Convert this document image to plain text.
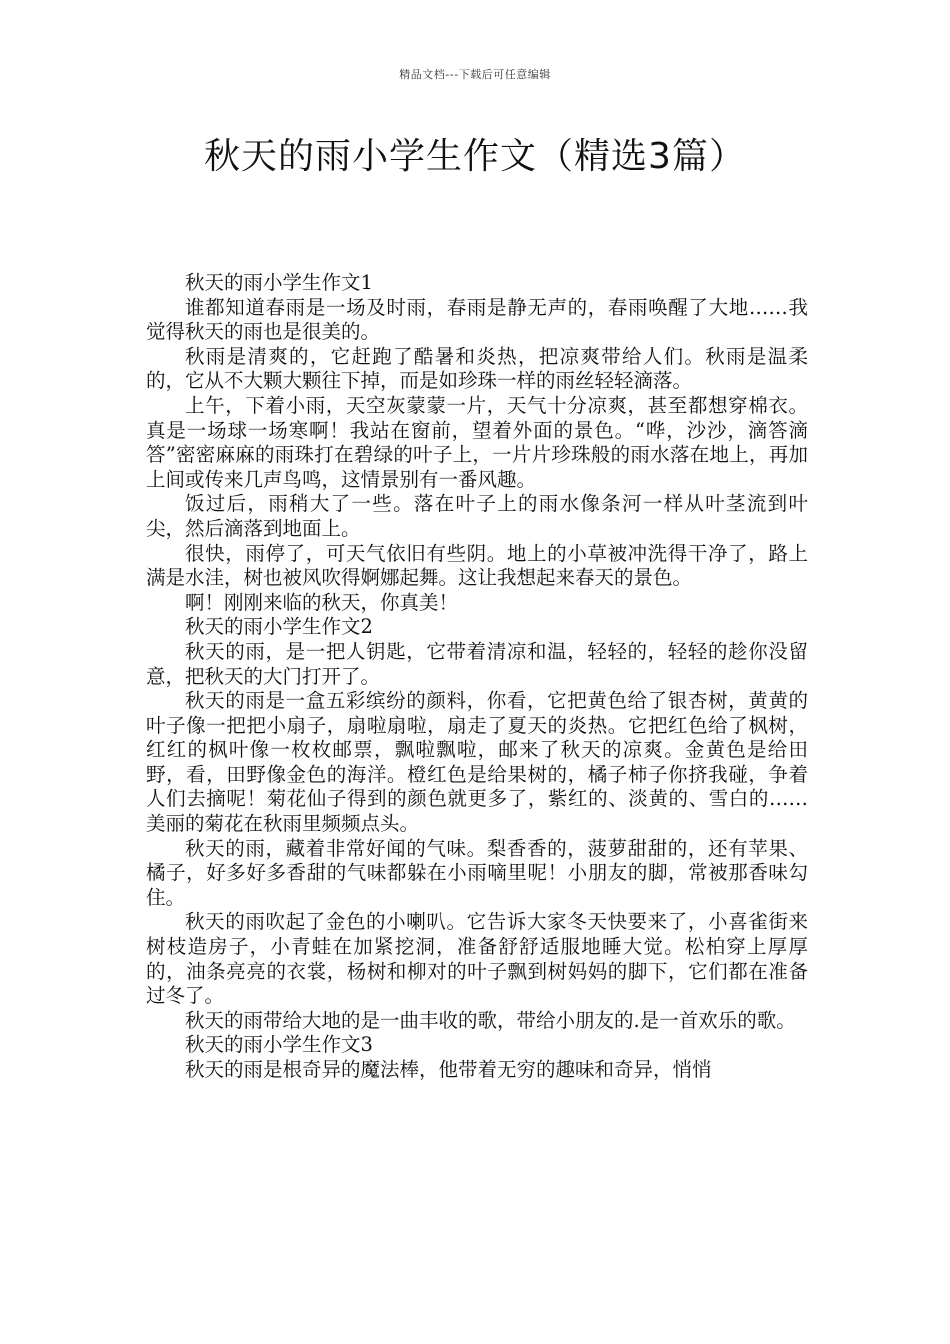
精品文档---下载后可任意编辑
秋天的雨小学生作文（精选3篇）

秋天的雨小学生作文1

谁都知道春雨是一场及时雨，春雨是静无声的，春雨唤醒了大地……我觉得秋天的雨也是很美的。

秋雨是清爽的，它赶跑了酷暑和炎热，把凉爽带给人们。秋雨是温柔的，它从不大颗大颗往下掉，而是如珍珠一样的雨丝轻轻滴落。

上午，下着小雨，天空灰蒙蒙一片，天气十分凉爽，甚至都想穿棉衣。真是一场球一场寒啊！我站在窗前，望着外面的景色。“哗，沙沙，滴答滴答”密密麻麻的雨珠打在碧绿的叶子上，一片片珍珠般的雨水落在地上，再加上间或传来几声鸟鸣，这情景别有一番风趣。

饭过后，雨稍大了一些。落在叶子上的雨水像条河一样从叶茎流到叶尖，然后滴落到地面上。

很快，雨停了，可天气依旧有些阴。地上的小草被冲洗得干净了，路上满是水洼，树也被风吹得婀娜起舞。这让我想起来春天的景色。

啊！刚刚来临的秋天，你真美！

秋天的雨小学生作文2

秋天的雨，是一把人钥匙，它带着清凉和温，轻轻的，轻轻的趁你没留意，把秋天的大门打开了。

秋天的雨是一盒五彩缤纷的颜料，你看，它把黄色给了银杏树，黄黄的叶子像一把把小扇子，扇啦扇啦，扇走了夏天的炎热。它把红色给了枫树，红红的枫叶像一枚枚邮票，飘啦飘啦，邮来了秋天的凉爽。金黄色是给田野，看，田野像金色的海洋。橙红色是给果树的，橘子柿子你挤我碰，争着人们去摘呢！菊花仙子得到的颜色就更多了，紫红的、淡黄的、雪白的……美丽的菊花在秋雨里频频点头。

秋天的雨，藏着非常好闻的气味。梨香香的，菠萝甜甜的，还有苹果、橘子，好多好多香甜的气味都躲在小雨嘀里呢！小朋友的脚，常被那香味勾住。

秋天的雨吹起了金色的小喇叭。它告诉大家冬天快要来了，小喜雀街来树枝造房子，小青蛙在加紧挖洞，准备舒舒适服地睡大觉。松柏穿上厚厚的，油条亮亮的衣裳，杨树和柳对的叶子飘到树妈妈的脚下，它们都在准备过冬了。

秋天的雨带给大地的是一曲丰收的歌，带给小朋友的.是一首欢乐的歌。

秋天的雨小学生作文3

秋天的雨是根奇异的魔法棒，他带着无穷的趣味和奇异，悄悄
